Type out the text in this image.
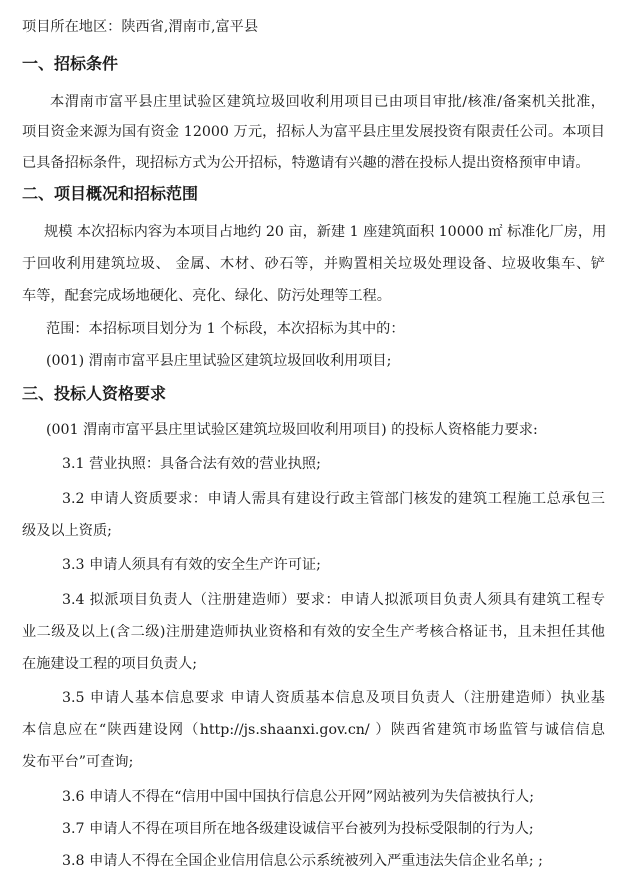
项目所在地区：陕西省,渭南市,富平县
一、招标条件
本渭南市富平县庄里试验区建筑垃圾回收利用项目已由项目审批/核准/备案机关批准，
项目资金来源为国有资金 12000 万元，招标人为富平县庄里发展投资有限责任公司。本项目
已具备招标条件，现招标方式为公开招标，特邀请有兴趣的潜在投标人提出资格预审申请。
二、项目概况和招标范围
规模 本次招标内容为本项目占地约 20 亩，新建 1 座建筑面积 10000 ㎡ 标准化厂房，用
于回收利用建筑垃圾、 金属、木材、砂石等，并购置相关垃圾处理设备、垃圾收集车、铲
车等，配套完成场地硬化、亮化、绿化、防污处理等工程。
范围：本招标项目划分为 1 个标段，本次招标为其中的：
(001) 渭南市富平县庄里试验区建筑垃圾回收利用项目;
三、投标人资格要求
(001 渭南市富平县庄里试验区建筑垃圾回收利用项目) 的投标人资格能力要求:
3.1 营业执照：具备合法有效的营业执照;
3.2 申请人资质要求：申请人需具有建设行政主管部门核发的建筑工程施工总承包三
级及以上资质;
3.3 申请人须具有有效的安全生产许可证;
3.4 拟派项目负责人（注册建造师）要求：申请人拟派项目负责人须具有建筑工程专
业二级及以上(含二级)注册建造师执业资格和有效的安全生产考核合格证书，且未担任其他
在施建设工程的项目负责人;
3.5 申请人基本信息要求 申请人资质基本信息及项目负责人（注册建造师）执业基
本信息应在“陕西建设网（http://js.shaanxi.gov.cn/ ）陕西省建筑市场监管与诚信信息
发布平台”可查询;
3.6 申请人不得在“信用中国中国执行信息公开网”网站被列为失信被执行人;
3.7 申请人不得在项目所在地各级建设诚信平台被列为投标受限制的行为人;
3.8 申请人不得在全国企业信用信息公示系统被列入严重违法失信企业名单; ;
